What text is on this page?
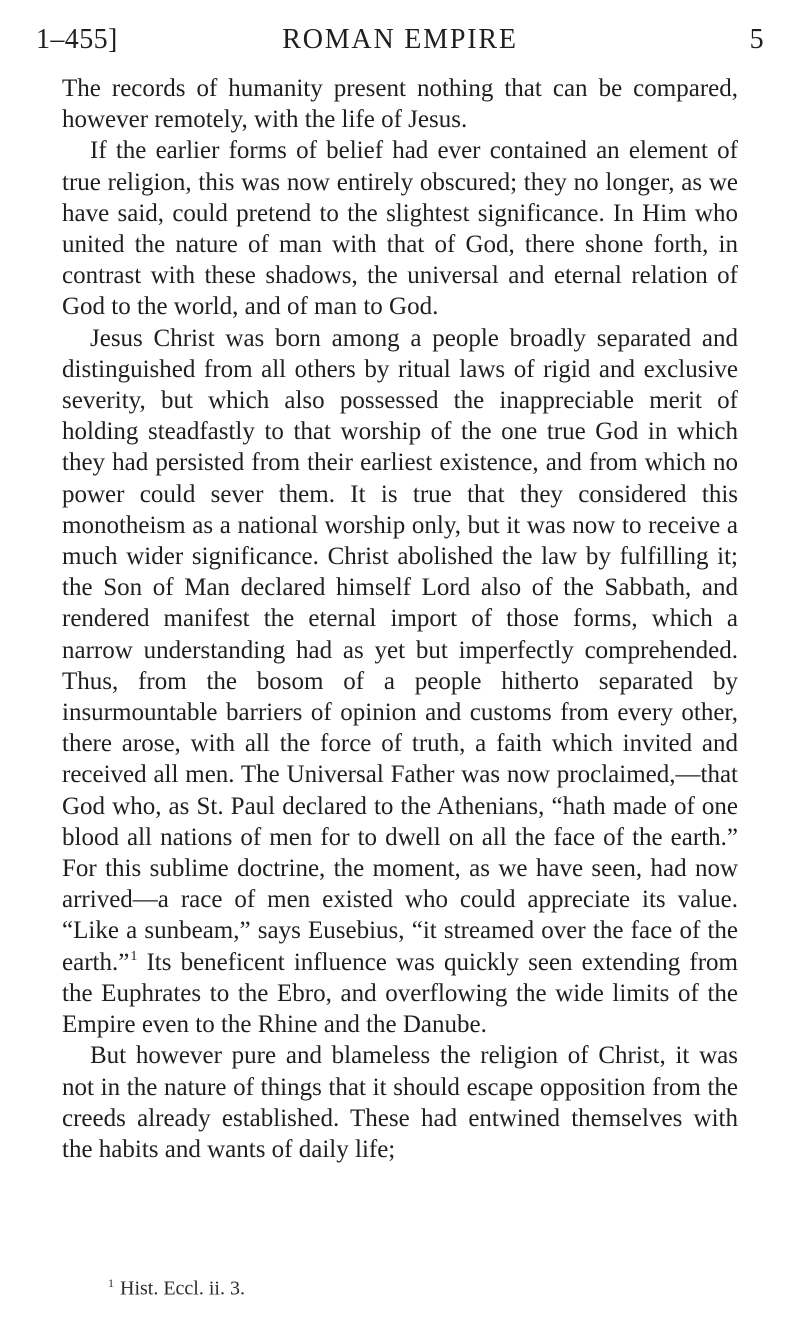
1–455]	ROMAN EMPIRE	5

The records of humanity present nothing that can be compared, however remotely, with the life of Jesus.

If the earlier forms of belief had ever contained an element of true religion, this was now entirely obscured; they no longer, as we have said, could pretend to the slightest significance. In Him who united the nature of man with that of God, there shone forth, in contrast with these shadows, the universal and eternal relation of God to the world, and of man to God.

Jesus Christ was born among a people broadly separated and distinguished from all others by ritual laws of rigid and exclusive severity, but which also possessed the inappreciable merit of holding steadfastly to that worship of the one true God in which they had persisted from their earliest existence, and from which no power could sever them. It is true that they considered this monotheism as a national worship only, but it was now to receive a much wider significance. Christ abolished the law by fulfilling it; the Son of Man declared himself Lord also of the Sabbath, and rendered manifest the eternal import of those forms, which a narrow understanding had as yet but imperfectly comprehended. Thus, from the bosom of a people hitherto separated by insurmountable barriers of opinion and customs from every other, there arose, with all the force of truth, a faith which invited and received all men. The Universal Father was now proclaimed,—that God who, as St. Paul declared to the Athenians, “hath made of one blood all nations of men for to dwell on all the face of the earth.” For this sublime doctrine, the moment, as we have seen, had now arrived—a race of men existed who could appreciate its value. “Like a sunbeam,” says Eusebius, “it streamed over the face of the earth.”$^1$ Its beneficent influence was quickly seen extending from the Euphrates to the Ebro, and overflowing the wide limits of the Empire even to the Rhine and the Danube.

But however pure and blameless the religion of Christ, it was not in the nature of things that it should escape opposition from the creeds already established. These had entwined themselves with the habits and wants of daily life;

$^1$ Hist. Eccl. ii. 3.
